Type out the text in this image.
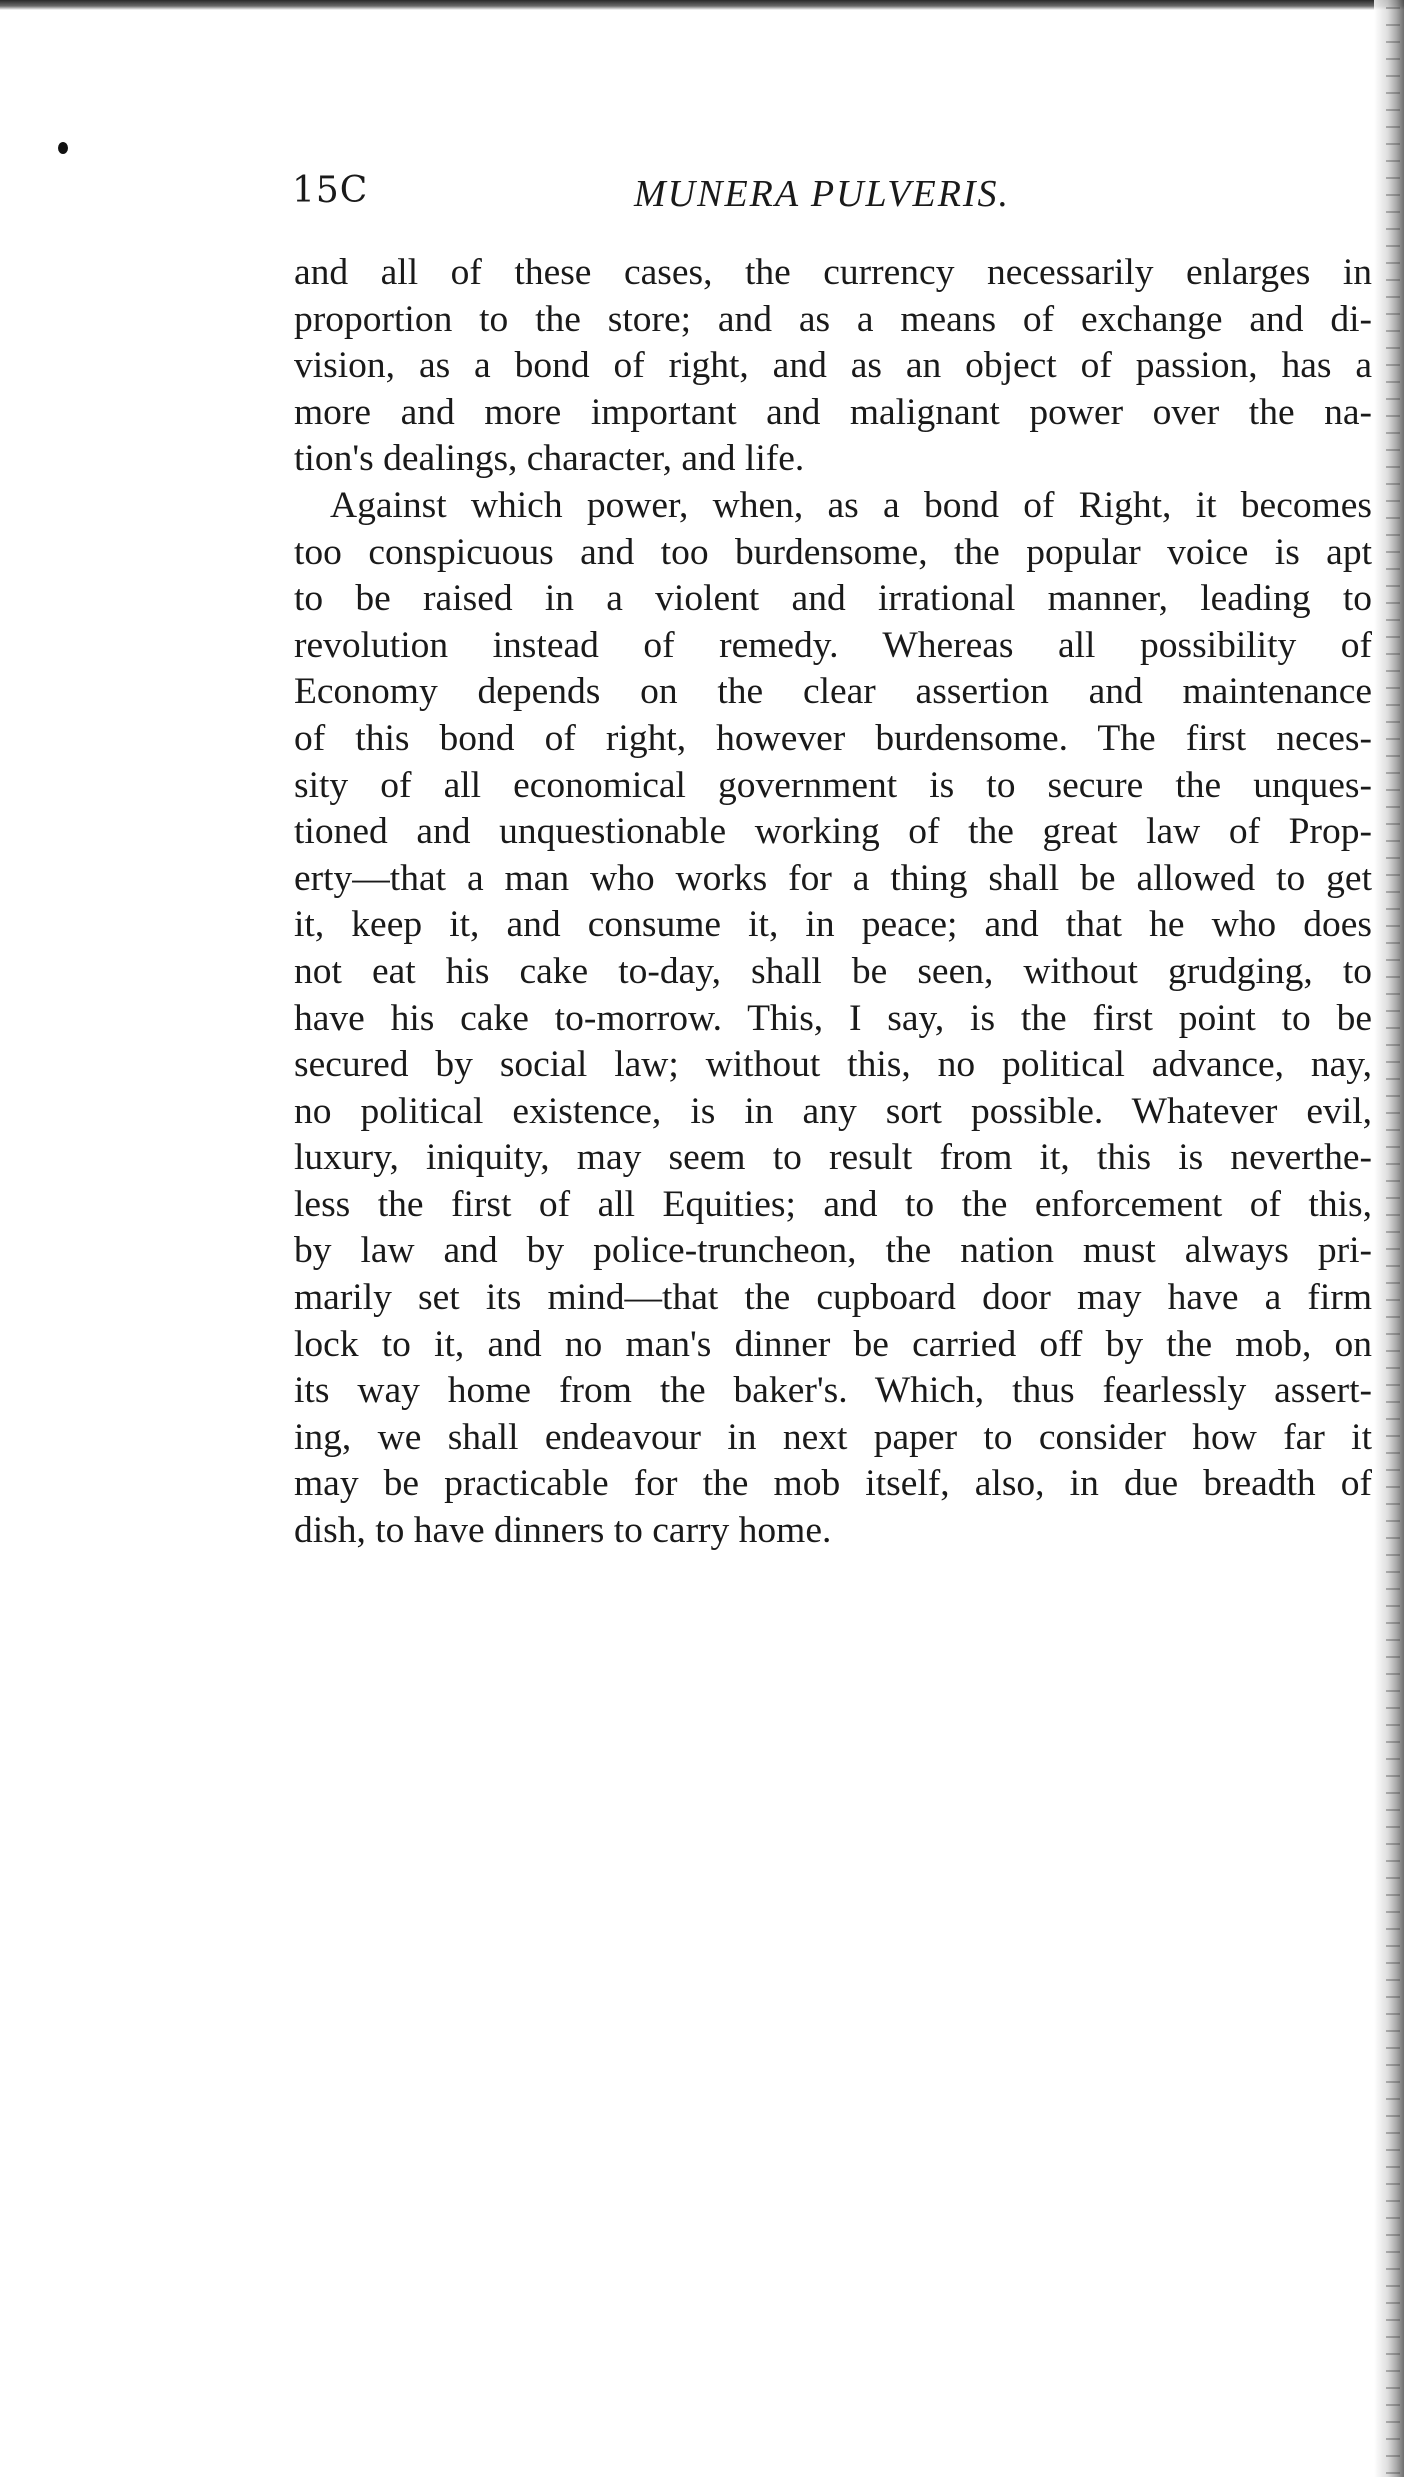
15C	MUNERA PULVERIS.
and all of these cases, the currency necessarily enlarges in
proportion to the store; and as a means of exchange and di-
vision, as a bond of right, and as an object of passion, has a
more and more important and malignant power over the na-
tion's dealings, character, and life.
Against which power, when, as a bond of Right, it becomes
too conspicuous and too burdensome, the popular voice is apt
to be raised in a violent and irrational manner, leading to
revolution instead of remedy. Whereas all possibility of
Economy depends on the clear assertion and maintenance
of this bond of right, however burdensome. The first neces-
sity of all economical government is to secure the unques-
tioned and unquestionable working of the great law of Prop-
erty—that a man who works for a thing shall be allowed to get
it, keep it, and consume it, in peace; and that he who does
not eat his cake to-day, shall be seen, without grudging, to
have his cake to-morrow. This, I say, is the first point to be
secured by social law; without this, no political advance, nay,
no political existence, is in any sort possible. Whatever evil,
luxury, iniquity, may seem to result from it, this is neverthe-
less the first of all Equities; and to the enforcement of this,
by law and by police-truncheon, the nation must always pri-
marily set its mind—that the cupboard door may have a firm
lock to it, and no man's dinner be carried off by the mob, on
its way home from the baker's. Which, thus fearlessly assert-
ing, we shall endeavour in next paper to consider how far it
may be practicable for the mob itself, also, in due breadth of
dish, to have dinners to carry home.
